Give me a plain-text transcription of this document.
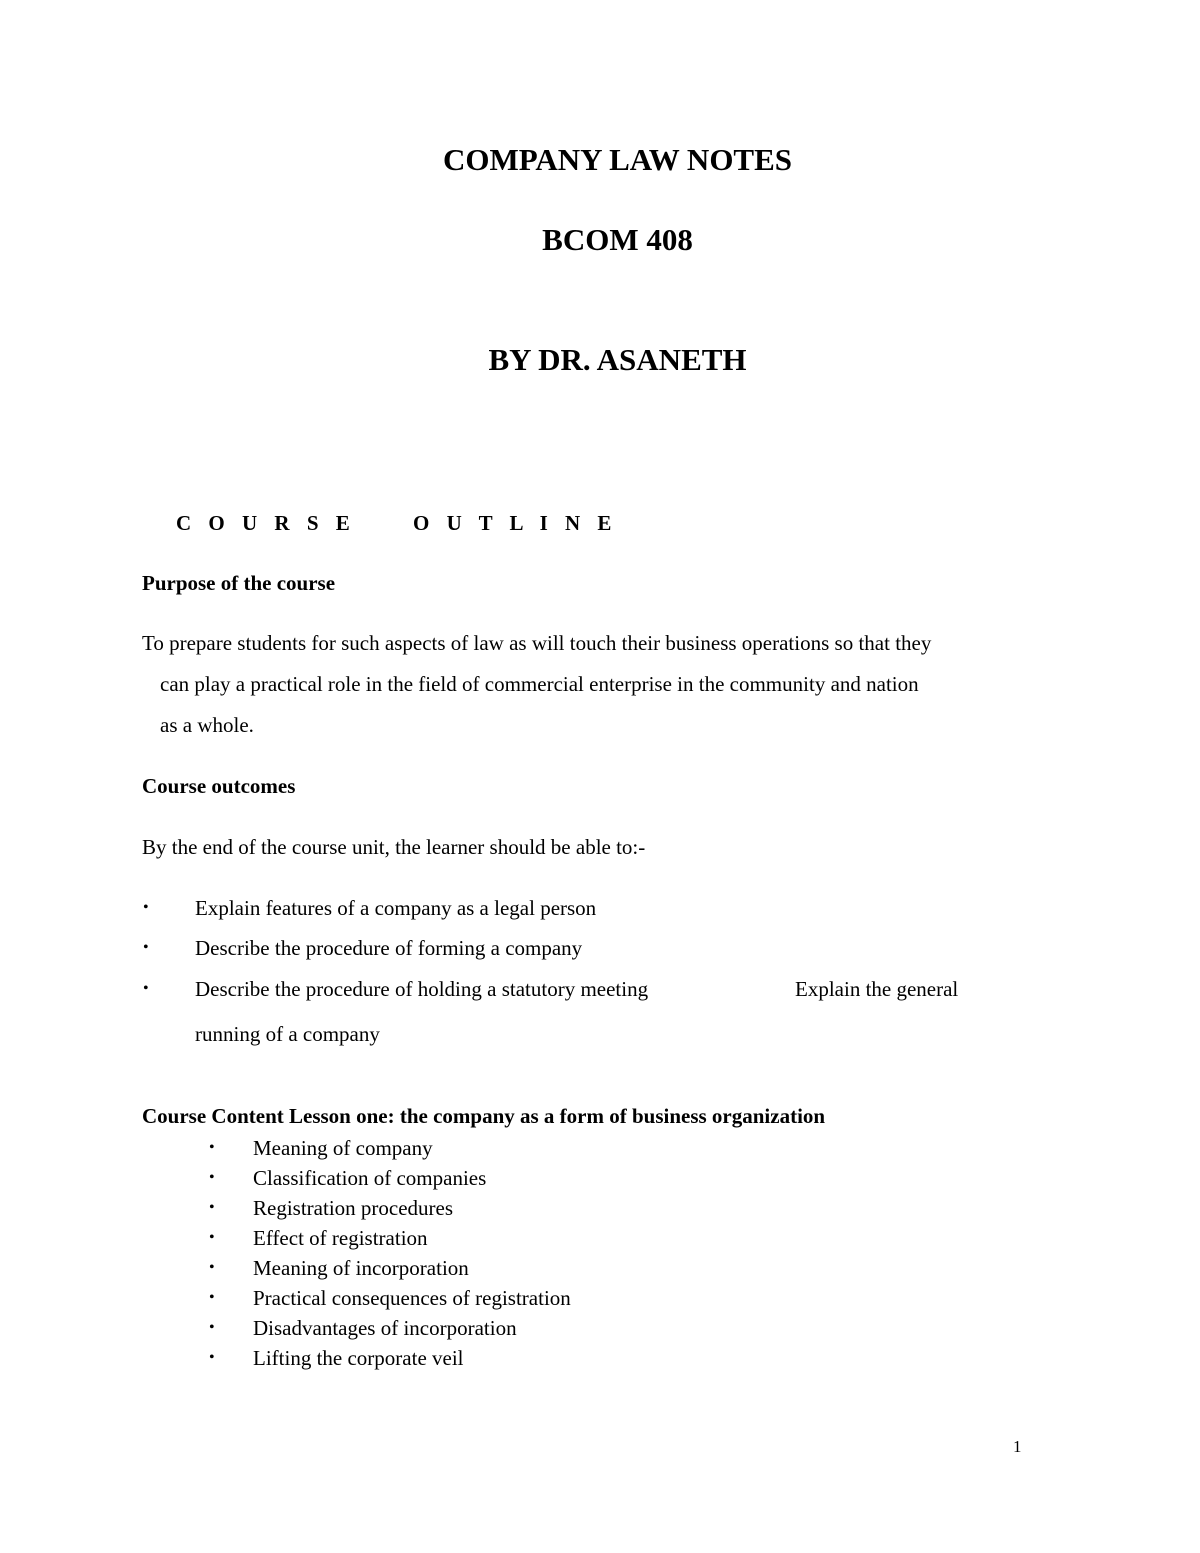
COMPANY LAW NOTES
BCOM 408
BY DR. ASANETH
C O U R S E	O U T L I N E
Purpose of the course
To prepare students for such aspects of law as will touch their business operations so that they
can play a practical role in the field of commercial enterprise in the community and nation
as a whole.
Course outcomes
By the end of the course unit, the learner should be able to:-
• Explain features of a company as a legal person
• Describe the procedure of forming a company
• Describe the procedure of holding a statutory meeting	Explain the general
running of a company
Course Content Lesson one: the company as a form of business organization
• Meaning of company
• Classification of companies
• Registration procedures
• Effect of registration
• Meaning of incorporation
• Practical consequences of registration
• Disadvantages of incorporation
• Lifting the corporate veil
1
